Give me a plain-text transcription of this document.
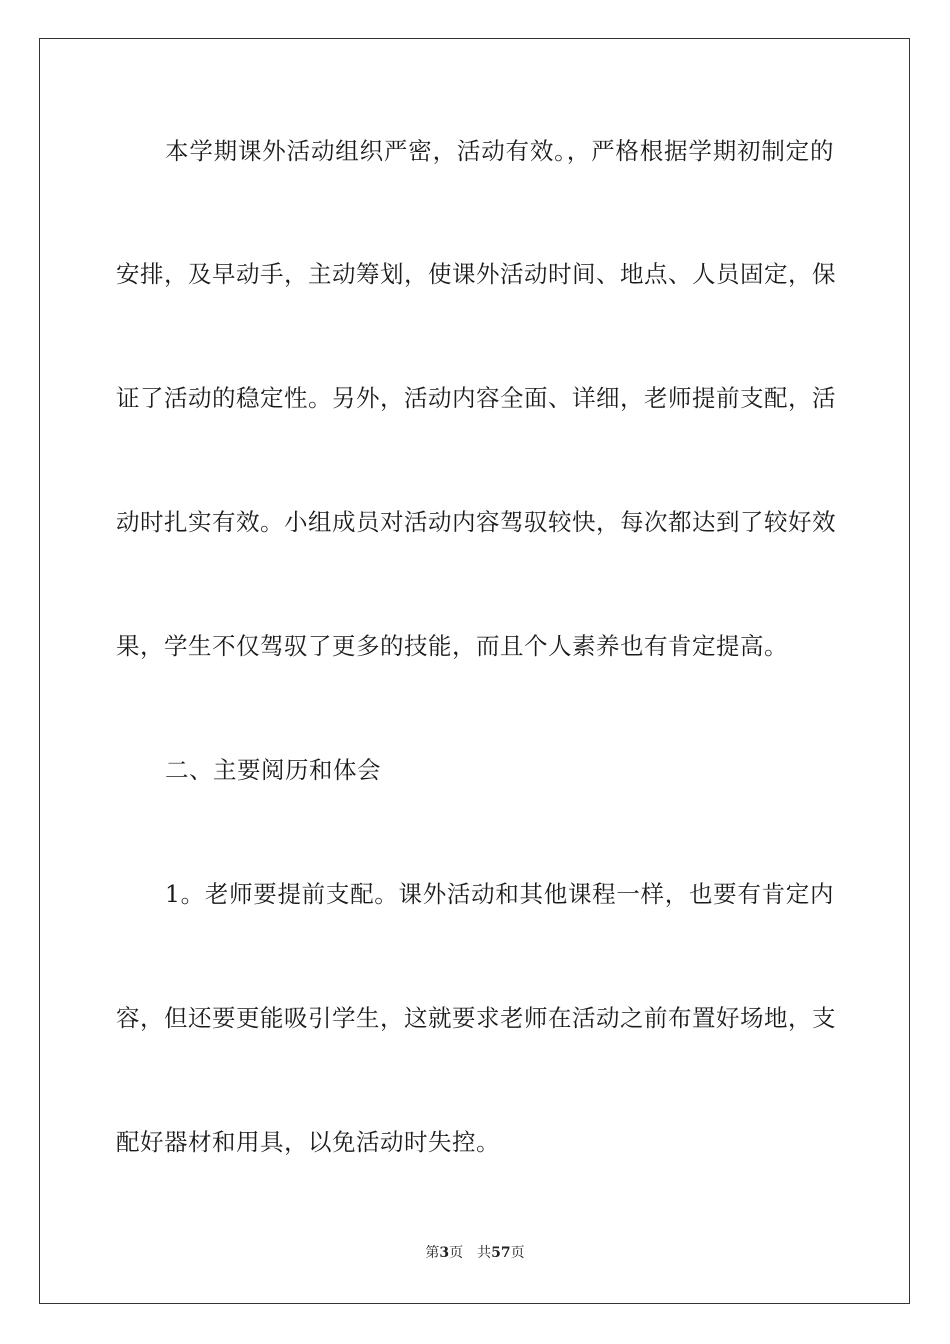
本学期课外活动组织严密，活动有效。，严格根据学期初制定的
安排，及早动手，主动筹划，使课外活动时间、地点、人员固定，保
证了活动的稳定性。另外，活动内容全面、详细，老师提前支配，活
动时扎实有效。小组成员对活动内容驾驭较快，每次都达到了较好效
果，学生不仅驾驭了更多的技能，而且个人素养也有肯定提高。
二、主要阅历和体会
1。老师要提前支配。课外活动和其他课程一样，也要有肯定内
容，但还要更能吸引学生，这就要求老师在活动之前布置好场地，支
配好器材和用具，以免活动时失控。
第3页 共57页
